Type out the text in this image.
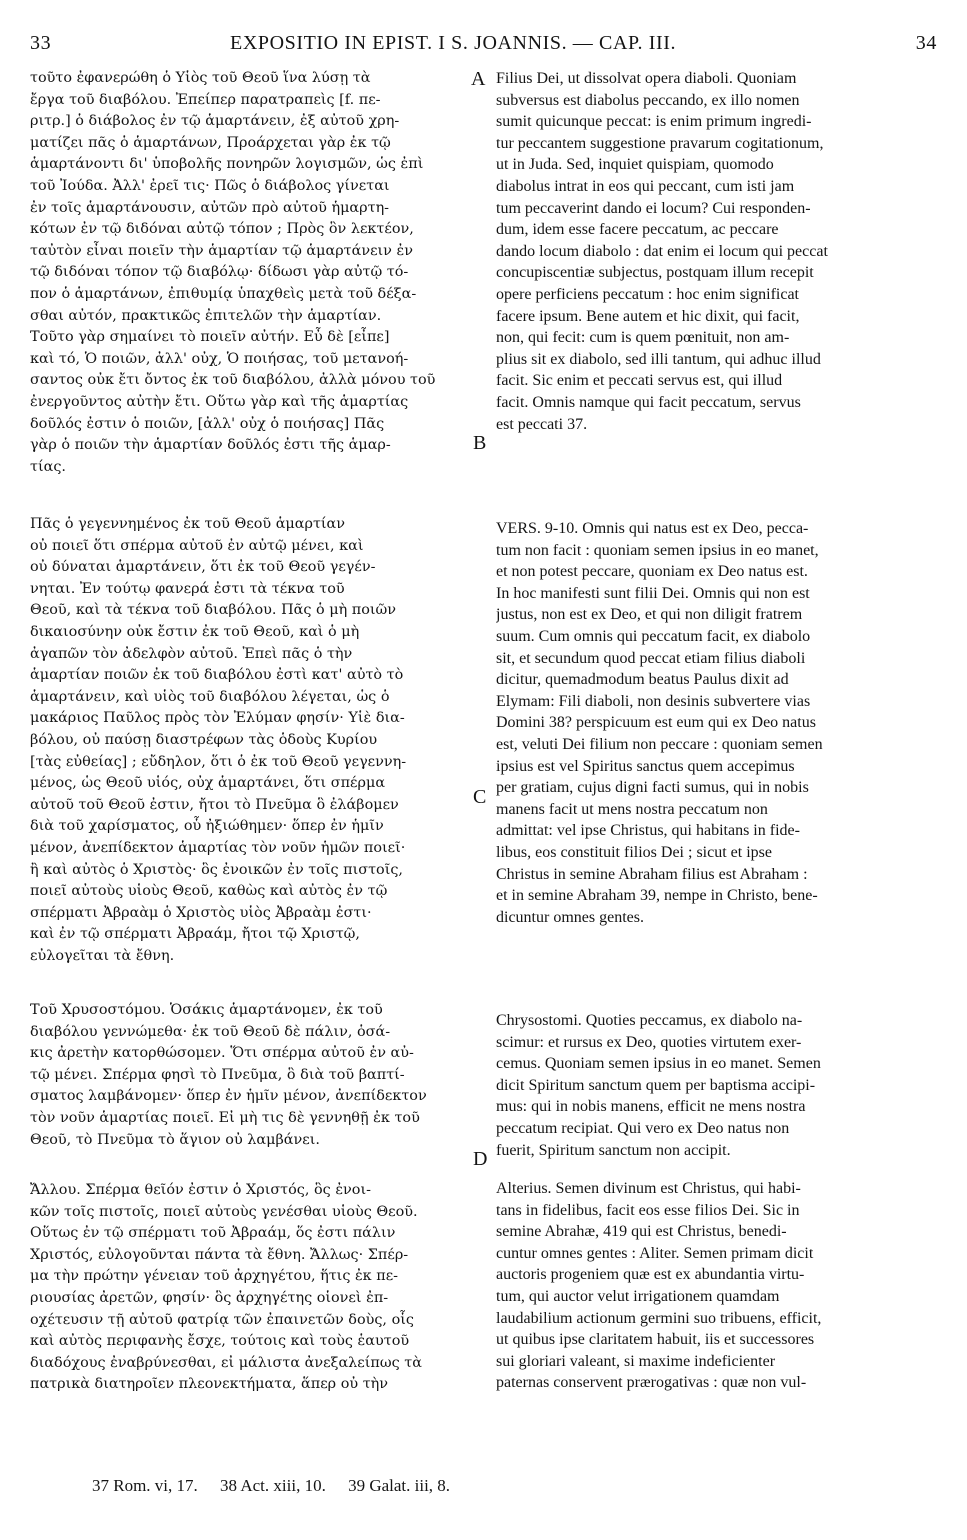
33	EXPOSITIO IN EPIST. I S. JOANNIS. — CAP. III.	34
τοῦτο ἐφανερώθη ὁ Υἱὸς τοῦ Θεοῦ ἵνα λύσῃ τὰ
ἔργα τοῦ διαβόλου. Ἐπείπερ παρατραπεὶς [f. πε-
ριτρ.] ὁ διάβολος ἐν τῷ ἁμαρτάνειν, ἐξ αὐτοῦ χρη-
ματίζει πᾶς ὁ ἁμαρτάνων, Προάρχεται γὰρ ἐκ τῷ
ἁμαρτάνοντι δι' ὑποβολῆς πονηρῶν λογισμῶν, ὡς ἐπὶ
τοῦ Ἰούδα. Ἀλλ' ἐρεῖ τις· Πῶς ὁ διάβολος γίνεται
ἐν τοῖς ἁμαρτάνουσιν, αὐτῶν πρὸ αὐτοῦ ἡμαρτη-
κότων ἐν τῷ διδόναι αὐτῷ τόπον ; Πρὸς ὃν λεκτέον,
ταὐτὸν εἶναι ποιεῖν τὴν ἁμαρτίαν τῷ ἁμαρτάνειν ἐν
τῷ διδόναι τόπον τῷ διαβόλῳ· δίδωσι γὰρ αὐτῷ τό-
πον ὁ ἁμαρτάνων, ἐπιθυμίᾳ ὑπαχθεὶς μετὰ τοῦ δέξα-
σθαι αὐτόν, πρακτικῶς ἐπιτελῶν τὴν ἁμαρτίαν.
Τοῦτο γὰρ σημαίνει τὸ ποιεῖν αὐτήν. Εὖ δὲ [εἶπε]
καὶ τό, Ὁ ποιῶν, ἀλλ' οὐχ, Ὁ ποιήσας, τοῦ μετανοή-
σαντος οὐκ ἔτι ὄντος ἐκ τοῦ διαβόλου, ἀλλὰ μόνου τοῦ
ἐνεργοῦντος αὐτὴν ἔτι. Οὕτω γὰρ καὶ τῆς ἁμαρτίας
δοῦλός ἐστιν ὁ ποιῶν, [ἀλλ' οὐχ ὁ ποιήσας] Πᾶς
γὰρ ὁ ποιῶν τὴν ἁμαρτίαν δοῦλός ἐστι τῆς ἁμαρ-
τίας.
Πᾶς ὁ γεγεννημένος ἐκ τοῦ Θεοῦ ἁμαρτίαν
οὐ ποιεῖ ὅτι σπέρμα αὐτοῦ ἐν αὐτῷ μένει, καὶ
οὐ δύναται ἁμαρτάνειν, ὅτι ἐκ τοῦ Θεοῦ γεγέν-
νηται. Ἐν τούτῳ φανερά ἐστι τὰ τέκνα τοῦ
Θεοῦ, καὶ τὰ τέκνα τοῦ διαβόλου. Πᾶς ὁ μὴ ποιῶν
δικαιοσύνην οὐκ ἔστιν ἐκ τοῦ Θεοῦ, καὶ ὁ μὴ
ἀγαπῶν τὸν ἀδελφὸν αὐτοῦ. Ἐπεὶ πᾶς ὁ τὴν
ἁμαρτίαν ποιῶν ἐκ τοῦ διαβόλου ἐστὶ κατ' αὐτὸ τὸ
ἁμαρτάνειν, καὶ υἱὸς τοῦ διαβόλου λέγεται, ὡς ὁ
μακάριος Παῦλος πρὸς τὸν Ἐλύμαν φησίν· Υἱὲ δια-
βόλου, οὐ παύσῃ διαστρέφων τὰς ὁδοὺς Κυρίου
[τὰς εὐθείας] ; εὔδηλον, ὅτι ὁ ἐκ τοῦ Θεοῦ γεγεννη-
μένος, ὡς Θεοῦ υἱός, οὐχ ἁμαρτάνει, ὅτι σπέρμα
αὐτοῦ τοῦ Θεοῦ ἐστιν, ἤτοι τὸ Πνεῦμα ὃ ἐλάβομεν
διὰ τοῦ χαρίσματος, οὗ ἠξιώθημεν· ὅπερ ἐν ἡμῖν
μένον, ἀνεπίδεκτον ἁμαρτίας τὸν νοῦν ἡμῶν ποιεῖ·
ἢ καὶ αὐτὸς ὁ Χριστὸς· ὃς ἐνοικῶν ἐν τοῖς πιστοῖς,
ποιεῖ αὐτοὺς υἱοὺς Θεοῦ, καθὼς καὶ αὐτὸς ἐν τῷ
σπέρματι Ἀβραὰμ ὁ Χριστὸς υἱὸς Ἀβραὰμ ἐστι·
καὶ ἐν τῷ σπέρματι Ἀβραάμ, ἤτοι τῷ Χριστῷ,
εὐλογεῖται τὰ ἔθνη.
Τοῦ Χρυσοστόμου. Ὁσάκις ἁμαρτάνομεν, ἐκ τοῦ
διαβόλου γεννώμεθα· ἐκ τοῦ Θεοῦ δὲ πάλιν, ὁσά-
κις ἀρετὴν κατορθώσομεν. Ὅτι σπέρμα αὐτοῦ ἐν αὐ-
τῷ μένει. Σπέρμα φησὶ τὸ Πνεῦμα, ὃ διὰ τοῦ βαπτί-
σματος λαμβάνομεν· ὅπερ ἐν ἡμῖν μένον, ἀνεπίδεκτον
τὸν νοῦν ἁμαρτίας ποιεῖ. Εἰ μὴ τις δὲ γεννηθῇ ἐκ τοῦ
Θεοῦ, τὸ Πνεῦμα τὸ ἅγιον οὐ λαμβάνει.
Ἄλλου. Σπέρμα θεῖόν ἐστιν ὁ Χριστός, ὃς ἐνοι-
κῶν τοῖς πιστοῖς, ποιεῖ αὐτοὺς γενέσθαι υἱοὺς Θεοῦ.
Οὕτως ἐν τῷ σπέρματι τοῦ Ἀβραάμ, ὅς ἐστι πάλιν
Χριστός, εὐλογοῦνται πάντα τὰ ἔθνη. Ἄλλως· Σπέρ-
μα τὴν πρώτην γένειαν τοῦ ἀρχηγέτου, ἥτις ἐκ πε-
ριουσίας ἀρετῶν, φησίν· ὃς ἀρχηγέτης οἱονεὶ ἐπ-
οχέτευσιν τῇ αὐτοῦ φατρίᾳ τῶν ἐπαινετῶν δοὺς, οἷς
καὶ αὐτὸς περιφανὴς ἔσχε, τούτοις καὶ τοὺς ἑαυτοῦ
διαδόχους ἐναβρύνεσθαι, εἰ μάλιστα ἀνεξαλείπως τὰ
πατρικὰ διατηροῖεν πλεονεκτήματα, ἅπερ οὐ τὴν
Filius Dei, ut dissolvat opera diaboli. Quoniam
subversus est diabolus peccando, ex illo nomen
sumit quicunque peccat: is enim primum ingredi-
tur peccantem suggestione pravarum cogitationum,
ut in Juda. Sed, inquiet quispiam, quomodo
diabolus intrat in eos qui peccant, cum isti jam
tum peccaverint dando ei locum? Cui responden-
dum, idem esse facere peccatum, ac peccare
dando locum diabolo : dat enim ei locum qui peccat
concupiscentiæ subjectus, postquam illum recepit
opere perficiens peccatum : hoc enim significat
facere ipsum. Bene autem et hic dixit, qui facit,
non, qui fecit: cum is quem pœnituit, non am-
plius sit ex diabolo, sed illi tantum, qui adhuc illud
facit. Sic enim et peccati servus est, qui illud
facit. Omnis namque qui facit peccatum, servus
est peccati 37.
VERS. 9-10. Omnis qui natus est ex Deo, pecca-
tum non facit : quoniam semen ipsius in eo manet,
et non potest peccare, quoniam ex Deo natus est.
In hoc manifesti sunt filii Dei. Omnis qui non est
justus, non est ex Deo, et qui non diligit fratrem
suum. Cum omnis qui peccatum facit, ex diabolo
sit, et secundum quod peccat etiam filius diaboli
dicitur, quemadmodum beatus Paulus dixit ad
Elymam: Fili diaboli, non desinis subvertere vias
Domini 38? perspicuum est eum qui ex Deo natus
est, veluti Dei filium non peccare : quoniam semen
ipsius est vel Spiritus sanctus quem accepimus
per gratiam, cujus digni facti sumus, qui in nobis
manens facit ut mens nostra peccatum non
admittat: vel ipse Christus, qui habitans in fide-
libus, eos constituit filios Dei ; sicut et ipse
Christus in semine Abraham filius est Abraham :
et in semine Abraham 39, nempe in Christo, bene-
dicuntur omnes gentes.
Chrysostomi. Quoties peccamus, ex diabolo na-
scimur: et rursus ex Deo, quoties virtutem exer-
cemus. Quoniam semen ipsius in eo manet. Semen
dicit Spiritum sanctum quem per baptisma accipi-
mus: qui in nobis manens, efficit ne mens nostra
peccatum recipiat. Qui vero ex Deo natus non
fuerit, Spiritum sanctum non accipit.
Alterius. Semen divinum est Christus, qui habi-
tans in fidelibus, facit eos esse filios Dei. Sic in
semine Abrahæ, 419 qui est Christus, benedi-
cuntur omnes gentes : Aliter. Semen primam dicit
auctoris progeniem quæ est ex abundantia virtu-
tum, qui auctor velut irrigationem quamdam
laudabilium actionum germini suo tribuens, efficit,
ut quibus ipse claritatem habuit, iis et successores
sui gloriari valeant, si maxime indeficienter
paternas conservent prærogativas : quæ non vul-
A
B
C
D
37 Rom. vi, 17. 38 Act. xiii, 10. 39 Galat. iii, 8.
